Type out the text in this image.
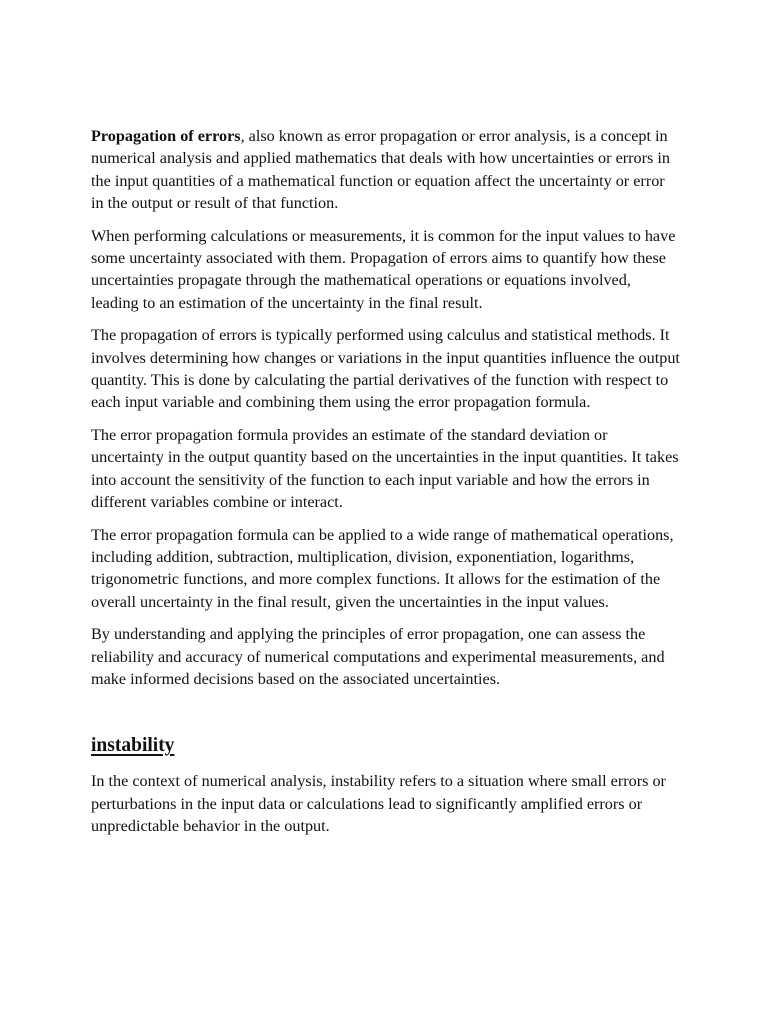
Propagation of errors, also known as error propagation or error analysis, is a concept in numerical analysis and applied mathematics that deals with how uncertainties or errors in the input quantities of a mathematical function or equation affect the uncertainty or error in the output or result of that function.

When performing calculations or measurements, it is common for the input values to have some uncertainty associated with them. Propagation of errors aims to quantify how these uncertainties propagate through the mathematical operations or equations involved, leading to an estimation of the uncertainty in the final result.

The propagation of errors is typically performed using calculus and statistical methods. It involves determining how changes or variations in the input quantities influence the output quantity. This is done by calculating the partial derivatives of the function with respect to each input variable and combining them using the error propagation formula.

The error propagation formula provides an estimate of the standard deviation or uncertainty in the output quantity based on the uncertainties in the input quantities. It takes into account the sensitivity of the function to each input variable and how the errors in different variables combine or interact.

The error propagation formula can be applied to a wide range of mathematical operations, including addition, subtraction, multiplication, division, exponentiation, logarithms, trigonometric functions, and more complex functions. It allows for the estimation of the overall uncertainty in the final result, given the uncertainties in the input values.

By understanding and applying the principles of error propagation, one can assess the reliability and accuracy of numerical computations and experimental measurements, and make informed decisions based on the associated uncertainties.

instability

In the context of numerical analysis, instability refers to a situation where small errors or perturbations in the input data or calculations lead to significantly amplified errors or unpredictable behavior in the output.
